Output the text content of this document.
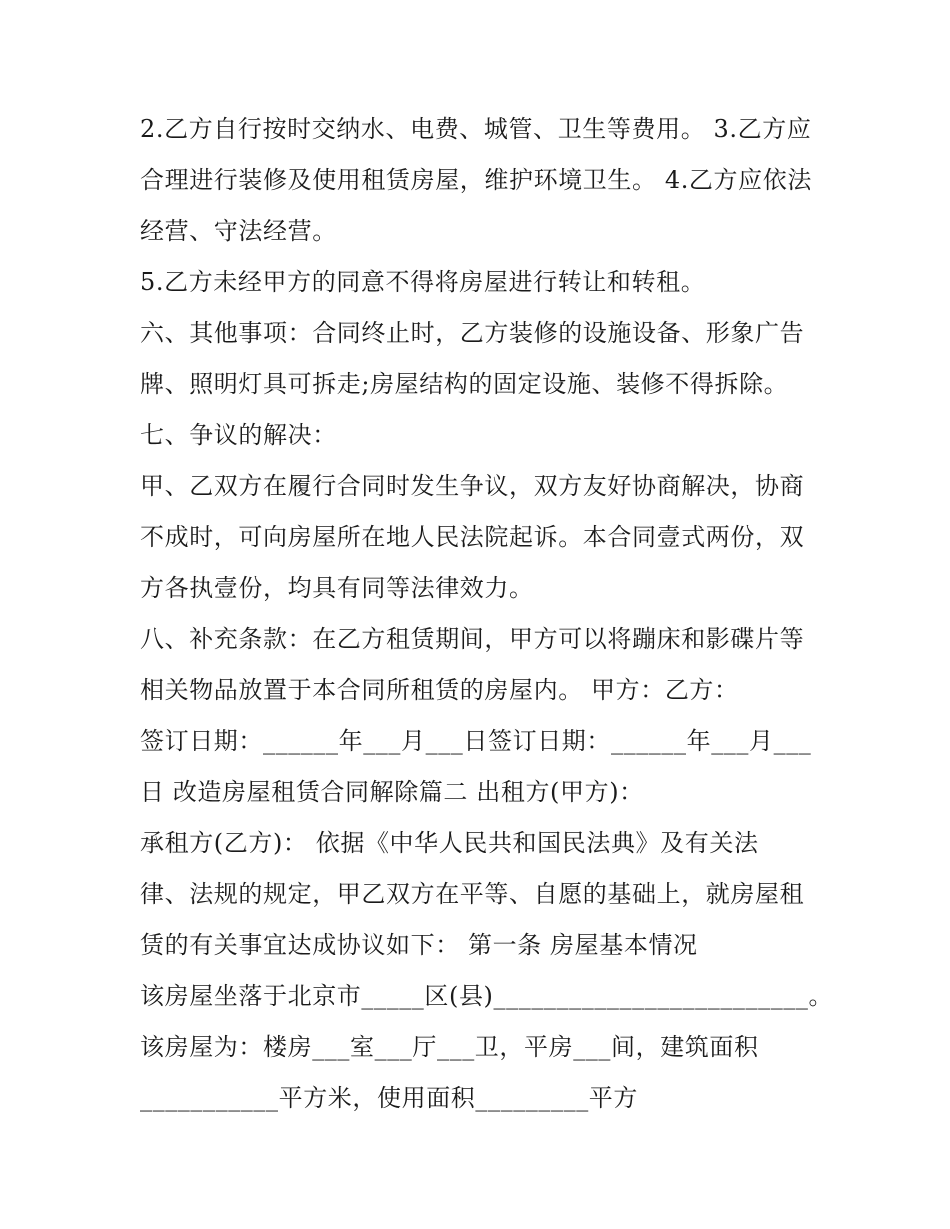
2.乙方自行按时交纳水、电费、城管、卫生等费用。 3.乙方应
合理进行装修及使用租赁房屋，维护环境卫生。 4.乙方应依法
经营、守法经营。
5.乙方未经甲方的同意不得将房屋进行转让和转租。
六、其他事项：合同终止时，乙方装修的设施设备、形象广告
牌、照明灯具可拆走;房屋结构的固定设施、装修不得拆除。
七、争议的解决：
甲、乙双方在履行合同时发生争议，双方友好协商解决，协商
不成时，可向房屋所在地人民法院起诉。本合同壹式两份，双
方各执壹份，均具有同等法律效力。
八、补充条款：在乙方租赁期间，甲方可以将蹦床和影碟片等
相关物品放置于本合同所租赁的房屋内。 甲方：乙方：
签订日期：______年___月___日签订日期：______年___月___
日 改造房屋租赁合同解除篇二 出租方(甲方)：
承租方(乙方)： 依据《中华人民共和国民法典》及有关法
律、法规的规定，甲乙双方在平等、自愿的基础上，就房屋租
赁的有关事宜达成协议如下： 第一条 房屋基本情况
该房屋坐落于北京市_____区(县)_________________________。
该房屋为：楼房___室___厅___卫，平房___间，建筑面积
___________平方米，使用面积_________平方
